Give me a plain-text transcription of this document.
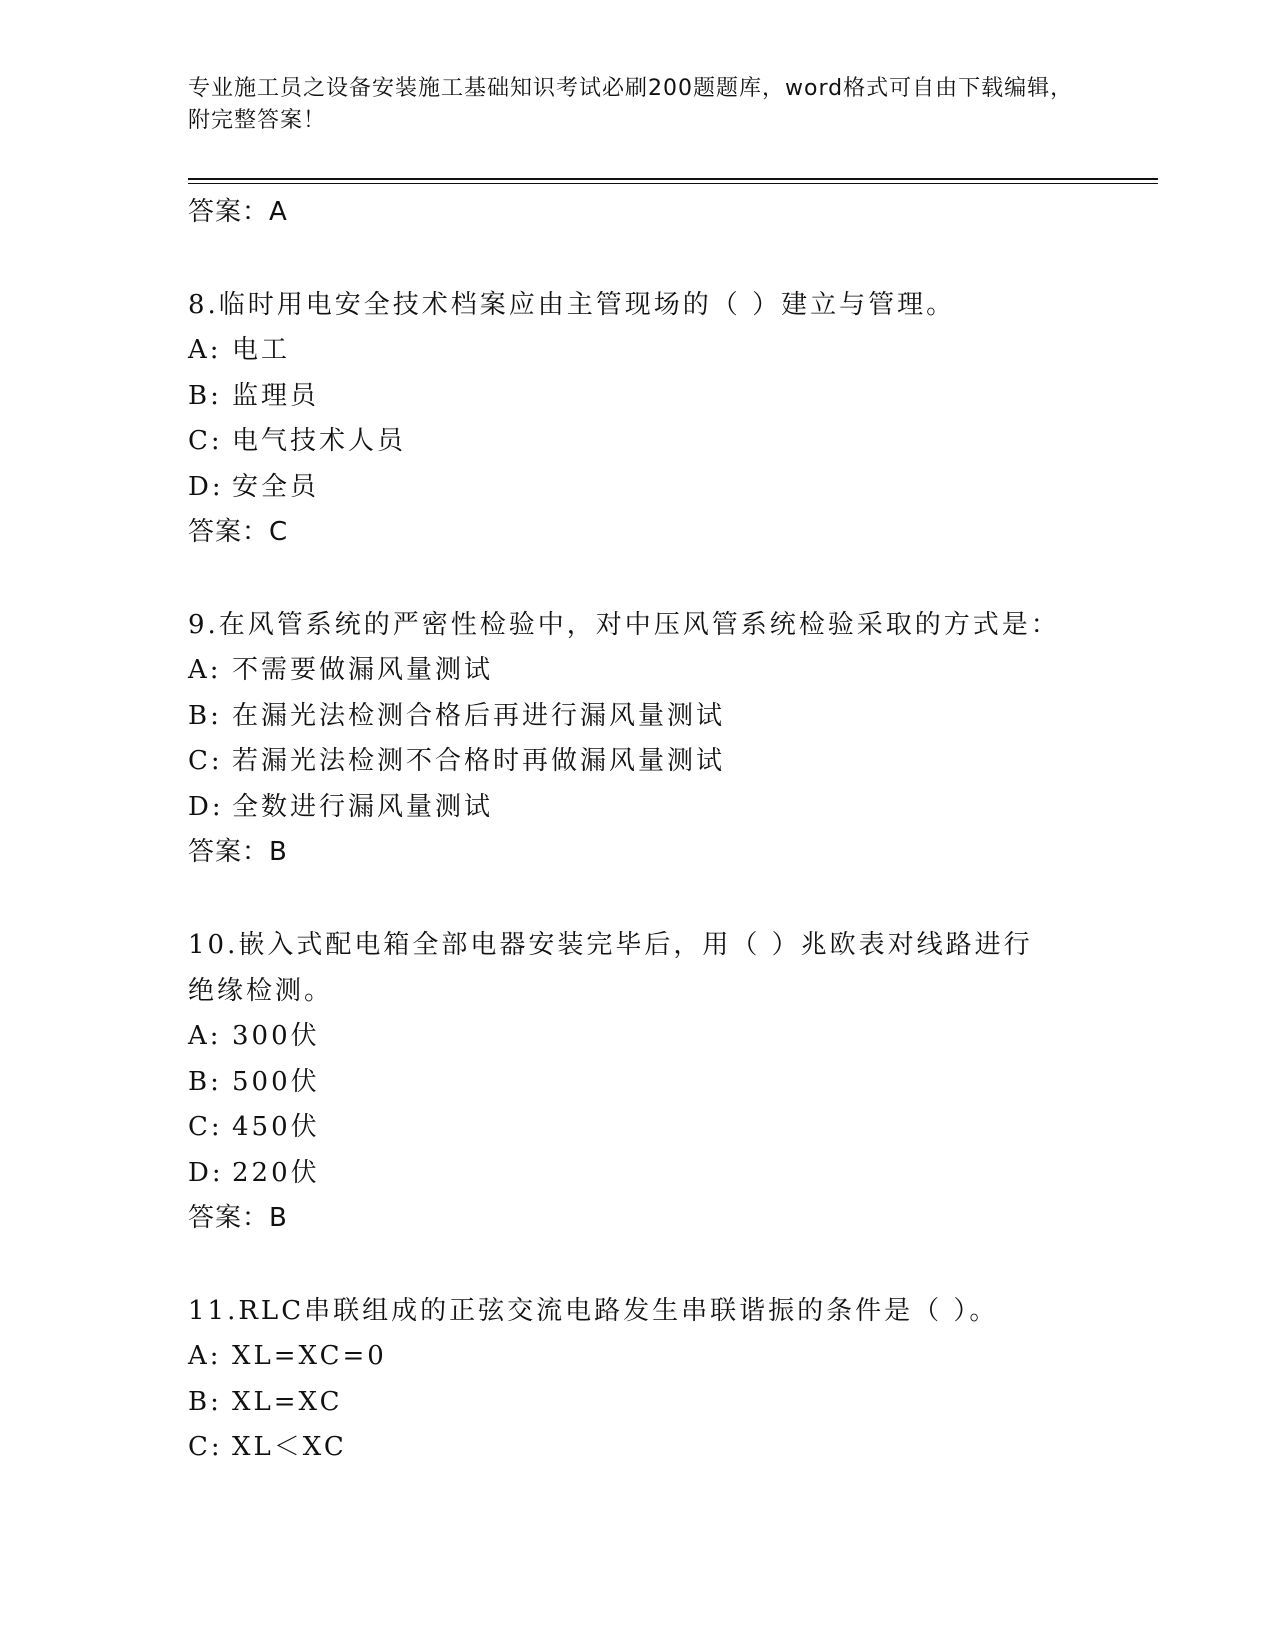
专业施工员之设备安装施工基础知识考试必刷200题题库，word格式可自由下载编辑，附完整答案！

答案：A

8.临时用电安全技术档案应由主管现场的（ ）建立与管理。

A: 电工

B: 监理员

C: 电气技术人员

D: 安全员

答案：C

9.在风管系统的严密性检验中，对中压风管系统检验采取的方式是：

A: 不需要做漏风量测试

B: 在漏光法检测合格后再进行漏风量测试

C: 若漏光法检测不合格时再做漏风量测试

D: 全数进行漏风量测试

答案：B

10.嵌入式配电箱全部电器安装完毕后，用（ ）兆欧表对线路进行绝缘检测。

A: 300伏

B: 500伏

C: 450伏

D: 220伏

答案：B

11.RLC串联组成的正弦交流电路发生串联谐振的条件是（ ）。

A: XL=XC=0

B: XL=XC

C: XL＜XC
